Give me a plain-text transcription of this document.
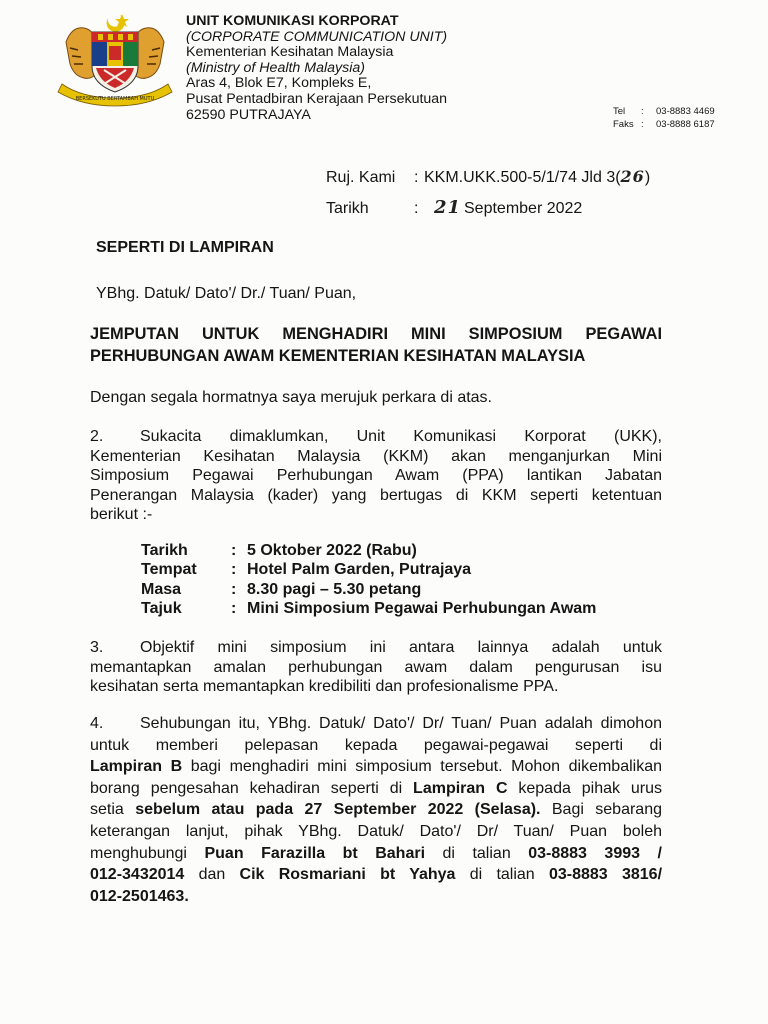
BERSEKUTU BERTAMBAH MUTU
UNIT KOMUNIKASI KORPORAT
(CORPORATE COMMUNICATION UNIT)
Kementerian Kesihatan Malaysia
(Ministry of Health Malaysia)
Aras 4, Blok E7, Kompleks E,
Pusat Pentadbiran Kerajaan Persekutuan
62590 PUTRAJAYA	Tel	:	03-8883 4469
Faks :	03-8888 6187
Ruj. Kami	: KKM.UKK.500-5/1/74 Jld 3( 26 )
Tarikh	: 21 September 2022
SEPERTI DI LAMPIRAN
YBhg. Datuk/ Dato'/ Dr./ Tuan/ Puan,
JEMPUTAN UNTUK MENGHADIRI MINI SIMPOSIUM PEGAWAI
PERHUBUNGAN AWAM KEMENTERIAN KESIHATAN MALAYSIA
Dengan segala hormatnya saya merujuk perkara di atas.
2. Sukacita dimaklumkan, Unit Komunikasi Korporat (UKK),
Kementerian Kesihatan Malaysia (KKM) akan menganjurkan Mini
Simposium Pegawai Perhubungan Awam (PPA) lantikan Jabatan
Penerangan Malaysia (kader) yang bertugas di KKM seperti ketentuan
berikut :-
Tarikh	: 5 Oktober 2022 (Rabu)
Tempat	: Hotel Palm Garden, Putrajaya
Masa	: 8.30 pagi – 5.30 petang
Tajuk	: Mini Simposium Pegawai Perhubungan Awam
3. Objektif mini simposium ini antara lainnya adalah untuk
memantapkan amalan perhubungan awam dalam pengurusan isu
kesihatan serta memantapkan kredibiliti dan profesionalisme PPA.
4. Sehubungan itu, YBhg. Datuk/ Dato'/ Dr/ Tuan/ Puan adalah dimohon
untuk memberi pelepasan kepada pegawai-pegawai seperti di
Lampiran B bagi menghadiri mini simposium tersebut. Mohon dikembalikan
borang pengesahan kehadiran seperti di Lampiran C kepada pihak urus
setia sebelum atau pada 27 September 2022 (Selasa). Bagi sebarang
keterangan lanjut, pihak YBhg. Datuk/ Dato'/ Dr/ Tuan/ Puan boleh
menghubungi Puan Farazilla bt Bahari di talian 03-8883 3993 /
012-3432014 dan Cik Rosmariani bt Yahya di talian 03-8883 3816/
012-2501463.
